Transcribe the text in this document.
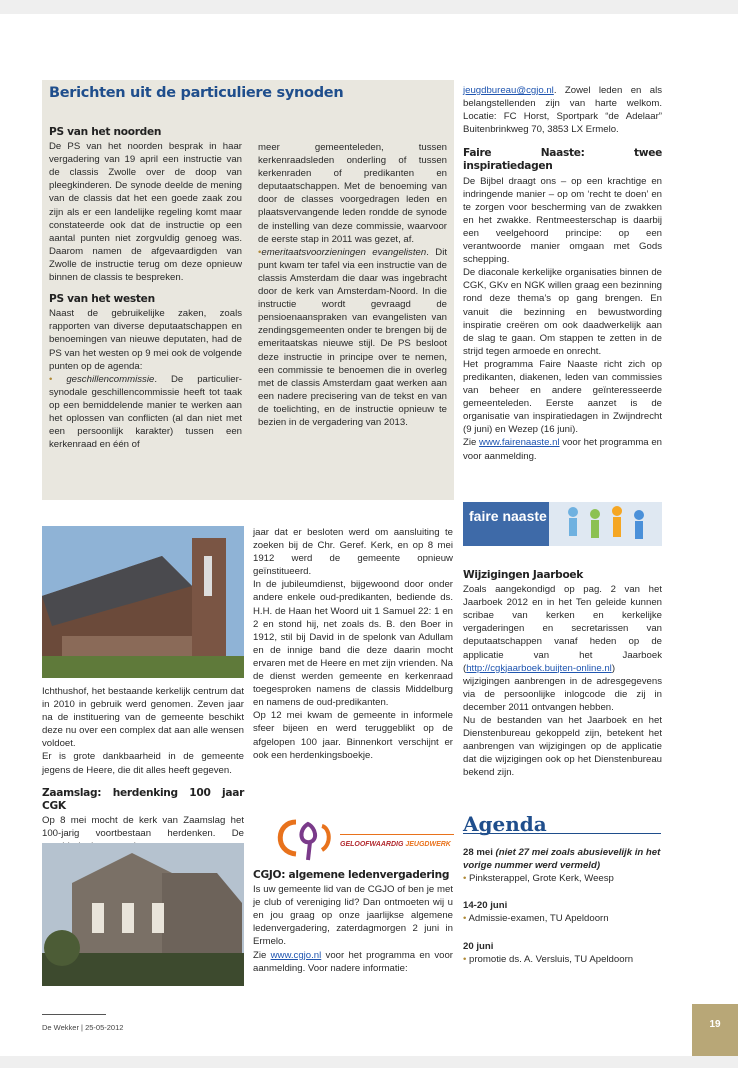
Berichten uit de particuliere synoden
PS van het noorden

De PS van het noorden besprak in haar vergadering van 19 april een instructie van de classis Zwolle over de doop van pleegkinderen. De synode deelde de mening van de classis dat het een goede zaak zou zijn als er een landelijke regeling komt maar constateerde ook dat de instructie op een aantal punten niet zorgvuldig genoeg was. Daarom namen de afgevaardigden van Zwolle de instructie terug om deze opnieuw binnen de classis te bespreken.

PS van het westen

Naast de gebruikelijke zaken, zoals rapporten van diverse deputaatschappen en benoemingen van nieuwe deputaten, had de PS van het westen op 9 mei ook de volgende punten op de agenda:

• geschillencommissie. De particulier-synodale geschillencommissie heeft tot taak op een bemiddelende manier te werken aan het oplossen van conflicten (al dan niet met een persoonlijk karakter) tussen een kerkenraad en één of

meer gemeenteleden, tussen kerkenraadsleden onderling of tussen kerkenraden of predikanten en deputaatschappen. Met de benoeming van door de classes voorgedragen leden en plaatsvervangende leden rondde de synode de instelling van deze commissie, waarvoor de eerste stap in 2011 was gezet, af.

•emeritaatsvoorzieningen evangelisten. Dit punt kwam ter tafel via een instructie van de classis Amsterdam die daar was ingebracht door de kerk van Amsterdam-Noord. In die instructie wordt gevraagd de pensioenaanspraken van evangelisten van zendingsgemeenten onder te brengen bij de emeritaatskas nieuwe stijl. De PS besloot deze instructie in principe over te nemen, een commissie te benoemen die in overleg met de classis Amsterdam gaat werken aan een nadere precisering van de tekst en van de toelichting, en de instructie opnieuw te bezien in de vergadering van 2013.

jeugdbureau@cgjo.nl. Zowel leden en als belangstellenden zijn van harte welkom. Locatie: FC Horst, Sportpark “de Adelaar” Buitenbrinkweg 70, 3853 LX Ermelo.

Faire Naaste: twee inspiratiedagen

De Bijbel draagt ons – op een krachtige en indringende manier – op om ‘recht te doen’ en te zorgen voor bescherming van de zwakken en het zwakke. Rentmeesterschap is daarbij een veelgehoord principe: op een verantwoorde manier omgaan met Gods schepping.

De diaconale kerkelijke organisaties binnen de CGK, GKv en NGK willen graag een bezinning rond deze thema’s op gang brengen. En vanuit die bezinning en bewustwording inspiratie creëren om ook daadwerkelijk aan de slag te gaan. Om stappen te zetten in de strijd tegen armoede en onrecht.

Het programma Faire Naaste richt zich op predikanten, diakenen, leden van commissies van beheer en andere geïnteresseerde gemeenteleden. Eerste aanzet is de organisatie van inspiratiedagen in Zwijndrecht (9 juni) en Wezep (16 juni).

Zie www.fairenaaste.nl voor het programma en voor aanmelding.

faire naaste
Wijzigingen Jaarboek

Zoals aangekondigd op pag. 2 van het Jaarboek 2012 en in het Ten geleide kunnen scribae van kerken en kerkelijke vergaderingen en secretarissen van deputaatschappen vanaf heden op de applicatie van het Jaarboek (http://cgkjaarboek.buijten-online.nl) wijzigingen aanbrengen in de adresgegevens via de persoonlijke inlogcode die zij in december 2011 ontvangen hebben.

Nu de bestanden van het Jaarboek en het Dienstenbureau gekoppeld zijn, betekent het aanbrengen van wijzigingen op de applicatie dat die wijzigingen ook op het Dienstenbureau bekend zijn.

Agenda
28 mei (niet 27 mei zoals abusievelijk in het vorige nummer werd vermeld)
• Pinksterappel, Grote Kerk, Weesp
14-20 juni
• Admissie-examen, TU Apeldoorn
20 juni
• promotie ds. A. Versluis, TU Apeldoorn

Ichthushof, het bestaande kerkelijk centrum dat in 2010 in gebruik werd genomen. Zeven jaar na de instituering van de gemeente beschikt deze nu over een complex dat aan alle wensen voldoet.

Er is grote dankbaarheid in de gemeente jegens de Heere, die dit alles heeft gegeven.

Zaamslag: herdenking 100 jaar CGK

Op 8 mei mocht de kerk van Zaamslag het 100-jarig voortbestaan herdenken. De

jaar dat er besloten werd om aansluiting te zoeken bij de Chr. Geref. Kerk, en op 8 mei 1912 werd de gemeente opnieuw geïnstitueerd.

In de jubileumdienst, bijgewoond door onder andere enkele oud-predikanten, bediende ds. H.H. de Haan het Woord uit 1 Samuel 22: 1 en 2 en stond hij, net zoals ds. B. den Boer in 1912, stil bij David in de spelonk van Adullam en de innige band die deze daarin mocht ervaren met de Heere en met zijn vrienden. Na de dienst werden gemeente en kerkenraad toegesproken namens de classis Middelburg en namens de oud-predikanten.

Op 12 mei kwam de gemeente in informele sfeer bijeen en werd teruggeblikt op de afgelopen 100 jaar. Binnenkort verschijnt er ook een herdenkingsboekje.

GELOOFWAARDIG JEUGDWERK
CGJO: algemene ledenvergadering

Is uw gemeente lid van de CGJO of ben je met je club of vereniging lid? Dan ontmoeten wij u en jou graag op onze jaarlijkse algemene ledenvergadering, zaterdagmorgen 2 juni in Ermelo.

Zie www.cgjo.nl voor het programma en voor aanmelding. Voor nadere informatie:

De Wekker | 25-05-2012	19
